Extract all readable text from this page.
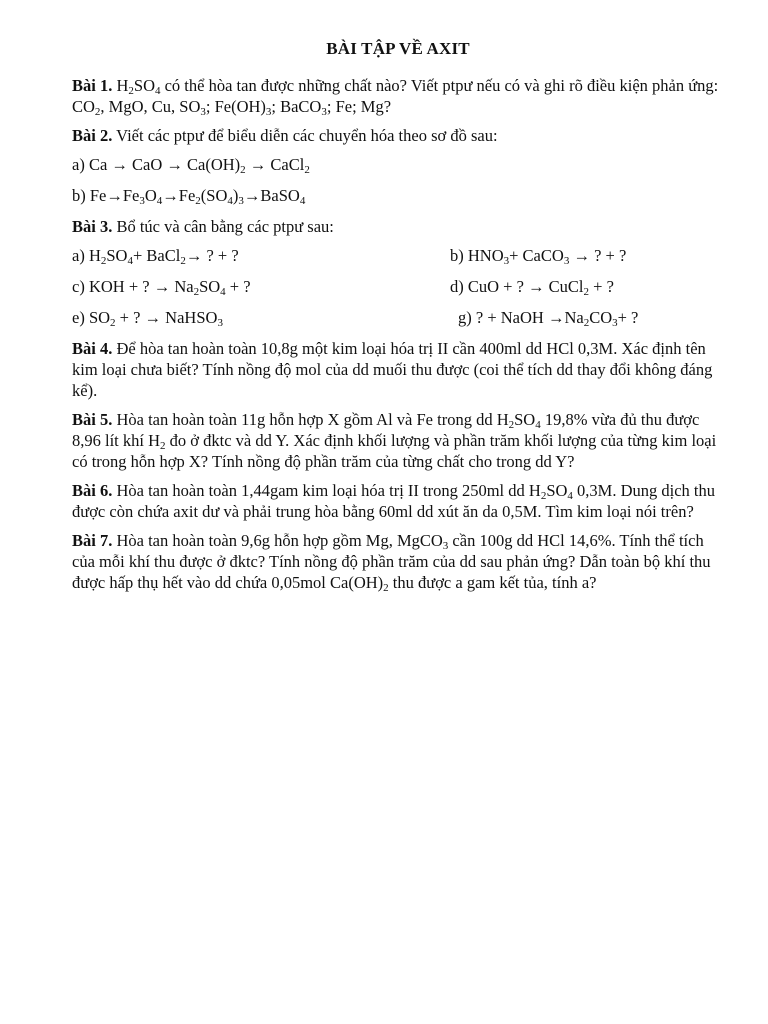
BÀI TẬP VỀ AXIT
Bài 1. $H_2SO_4$ có thể hòa tan được những chất nào? Viết ptpư nếu có và ghi rõ điều kiện phản ứng: $CO_2$, MgO, Cu, $SO_3$; $Fe(OH)_3$; BaCO$_3$; Fe; Mg?
Bài 2. Viết các ptpư để biểu diễn các chuyển hóa theo sơ đồ sau:
a) Ca → CaO → $Ca(OH)_2$ → CaCl$_2$
b) $Fe\to Fe_3O_4\to Fe_2(SO_4)_3\to BaSO_4$
Bài 3. Bổ túc và cân bằng các ptpư sau:
a) $H_2SO_4+$ BaCl$_2$→ ? + ?	b) $HNO_3+$ CaCO$_3$ → ? + ?
c) KOH + ? → $Na_2SO_4$ + ?	d) CuO + ? → CuCl$_2$ + ?
e) $SO_2$ + ? → NaHSO$_3$	g) ? + NaOH $\to Na_2CO_3+$ ?
Bài 4. Để hòa tan hoàn toàn 10,8g một kim loại hóa trị II cần 400ml dd HCl 0,3M. Xác định tên kim loại chưa biết? Tính nồng độ mol của dd muối thu được (coi thể tích dd thay đổi không đáng kể).
Bài 5. Hòa tan hoàn toàn 11g hỗn hợp X gồm Al và Fe trong dd $H_2SO_4$ 19,8% vừa đủ thu được 8,96 lít khí $H_2$ đo ở đktc và dd Y. Xác định khối lượng và phần trăm khối lượng của từng kim loại có trong hỗn hợp X? Tính nồng độ phần trăm của từng chất cho trong dd Y?
Bài 6. Hòa tan hoàn toàn 1,44gam kim loại hóa trị II trong 250ml dd $H_2SO_4$ 0,3M. Dung dịch thu được còn chứa axit dư và phải trung hòa bằng 60ml dd xút ăn da 0,5M. Tìm kim loại nói trên?
Bài 7. Hòa tan hoàn toàn 9,6g hỗn hợp gồm Mg, MgCO$_3$ cần 100g dd HCl 14,6%. Tính thể tích của mỗi khí thu được ở đktc? Tính nồng độ phần trăm của dd sau phản ứng? Dẫn toàn bộ khí thu được hấp thụ hết vào dd chứa 0,05mol $Ca(OH)_2$ thu được a gam kết tủa, tính a?
